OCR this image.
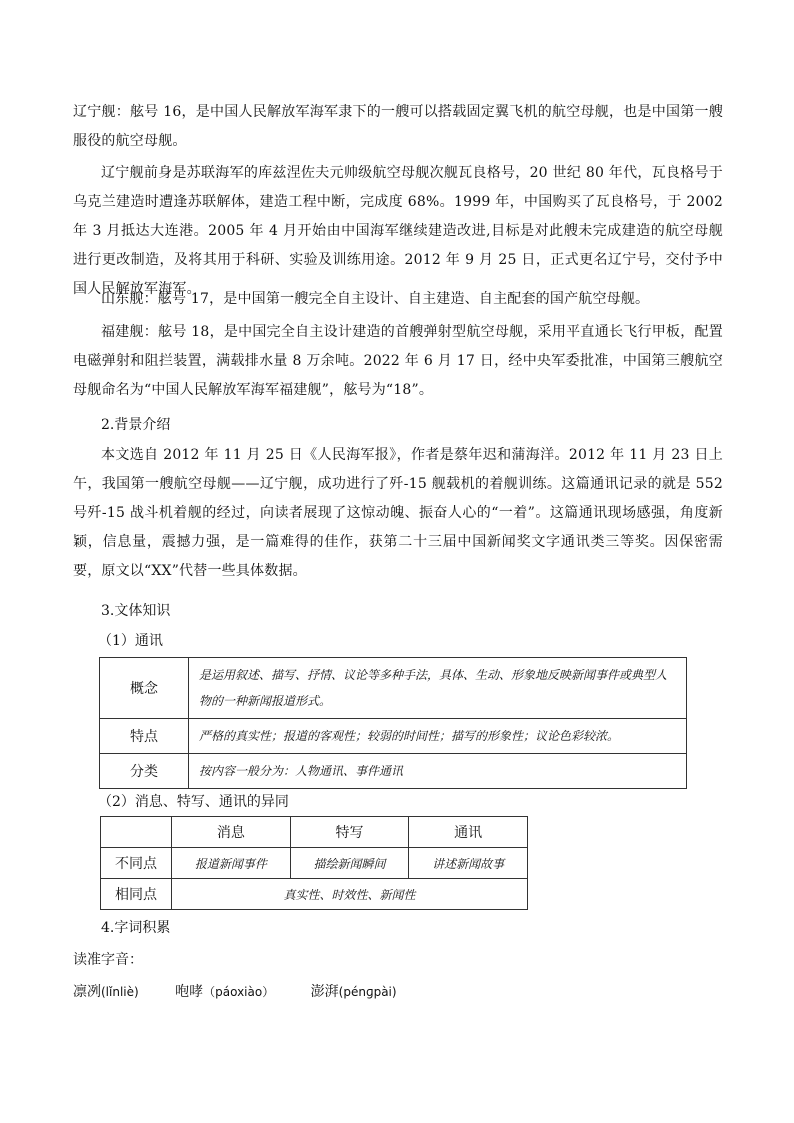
辽宁舰：舷号 16，是中国人民解放军海军隶下的一艘可以搭载固定翼飞机的航空母舰，也是中国第一艘服役的航空母舰。

辽宁舰前身是苏联海军的库兹涅佐夫元帅级航空母舰次舰瓦良格号，20 世纪 80 年代，瓦良格号于乌克兰建造时遭逢苏联解体，建造工程中断，完成度 68%。1999 年，中国购买了瓦良格号，于 2002 年 3 月抵达大连港。2005 年 4 月开始由中国海军继续建造改进,目标是对此艘未完成建造的航空母舰进行更改制造，及将其用于科研、实验及训练用途。2012 年 9 月 25 日，正式更名辽宁号，交付予中国人民解放军海军。

山东舰：舷号 17，是中国第一艘完全自主设计、自主建造、自主配套的国产航空母舰。

福建舰：舷号 18，是中国完全自主设计建造的首艘弹射型航空母舰，采用平直通长飞行甲板，配置电磁弹射和阻拦装置，满载排水量 8 万余吨。2022 年 6 月 17 日，经中央军委批准，中国第三艘航空母舰命名为“中国人民解放军海军福建舰”，舷号为“18”。

2.背景介绍

本文选自 2012 年 11 月 25 日《人民海军报》，作者是蔡年迟和蒲海洋。2012 年 11 月 23 日上午，我国第一艘航空母舰——辽宁舰，成功进行了歼-15 舰载机的着舰训练。这篇通讯记录的就是 552 号歼-15 战斗机着舰的经过，向读者展现了这惊动魄、振奋人心的“一着”。这篇通讯现场感强，角度新颖，信息量，震撼力强，是一篇难得的佳作，获第二十三届中国新闻奖文字通讯类三等奖。因保密需要，原文以“XX”代替一些具体数据。

3.文体知识

（1）通讯

概念	是运用叙述、描写、抒情、议论等多种手法，具体、生动、形象地反映新闻事件或典型人物的一种新闻报道形式。
特点	严格的真实性；报道的客观性；较弱的时间性；描写的形象性；议论色彩较浓。
分类	按内容一般分为：人物通讯、事件通讯

（2）消息、特写、通讯的异同

	消息	特写	通讯
不同点	报道新闻事件	描绘新闻瞬间	讲述新闻故事
相同点	真实性、时效性、新闻性		

4.字词积累

读准字音：

凛冽(lǐnliè)	咆哮（páoxiào）	澎湃(pénɡpài)
